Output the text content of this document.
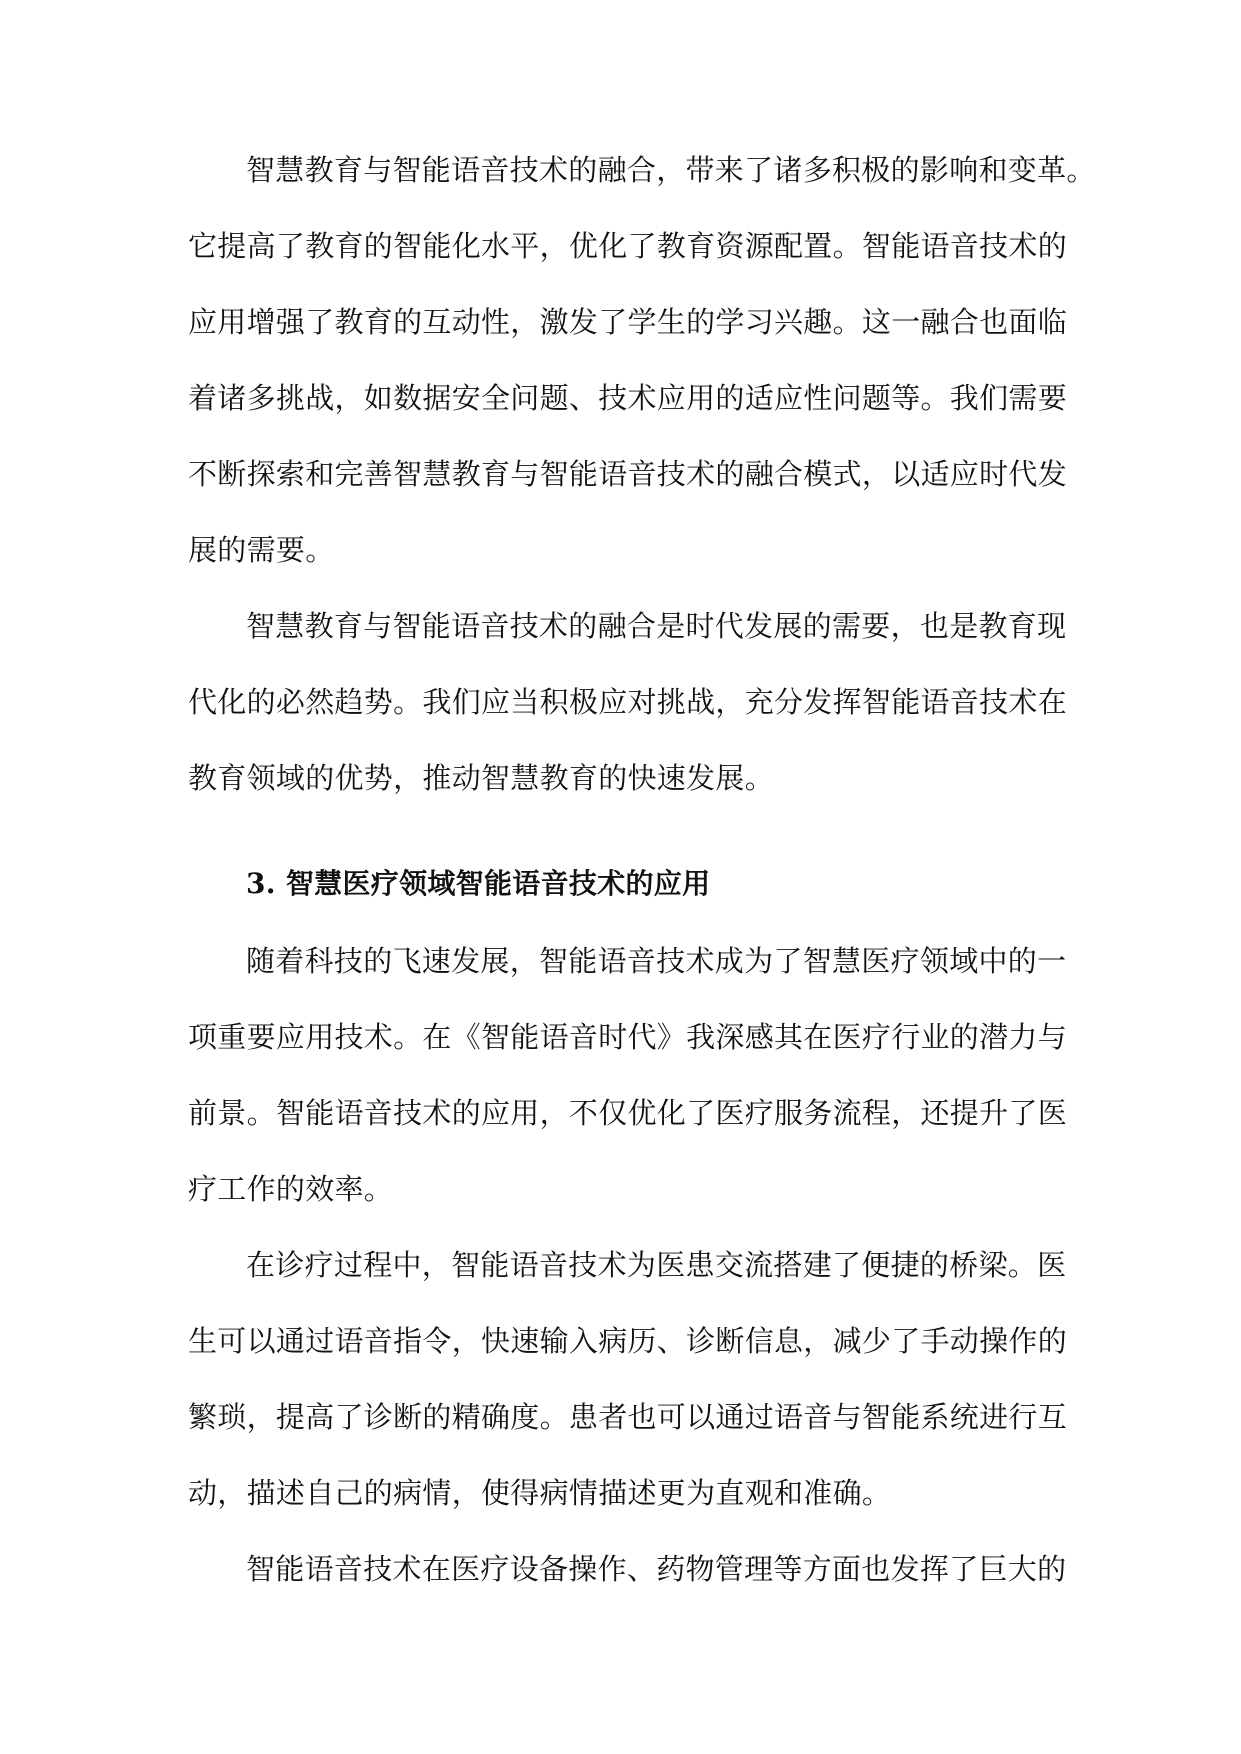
智慧教育与智能语音技术的融合，带来了诸多积极的影响和变革。
它提高了教育的智能化水平，优化了教育资源配置。智能语音技术的
应用增强了教育的互动性，激发了学生的学习兴趣。这一融合也面临
着诸多挑战，如数据安全问题、技术应用的适应性问题等。我们需要
不断探索和完善智慧教育与智能语音技术的融合模式，以适应时代发
展的需要。
智慧教育与智能语音技术的融合是时代发展的需要，也是教育现
代化的必然趋势。我们应当积极应对挑战，充分发挥智能语音技术在
教育领域的优势，推动智慧教育的快速发展。
3. 智慧医疗领域智能语音技术的应用
随着科技的飞速发展，智能语音技术成为了智慧医疗领域中的一
项重要应用技术。在《智能语音时代》我深感其在医疗行业的潜力与
前景。智能语音技术的应用，不仅优化了医疗服务流程，还提升了医
疗工作的效率。
在诊疗过程中，智能语音技术为医患交流搭建了便捷的桥梁。医
生可以通过语音指令，快速输入病历、诊断信息，减少了手动操作的
繁琐，提高了诊断的精确度。患者也可以通过语音与智能系统进行互
动，描述自己的病情，使得病情描述更为直观和准确。
智能语音技术在医疗设备操作、药物管理等方面也发挥了巨大的
